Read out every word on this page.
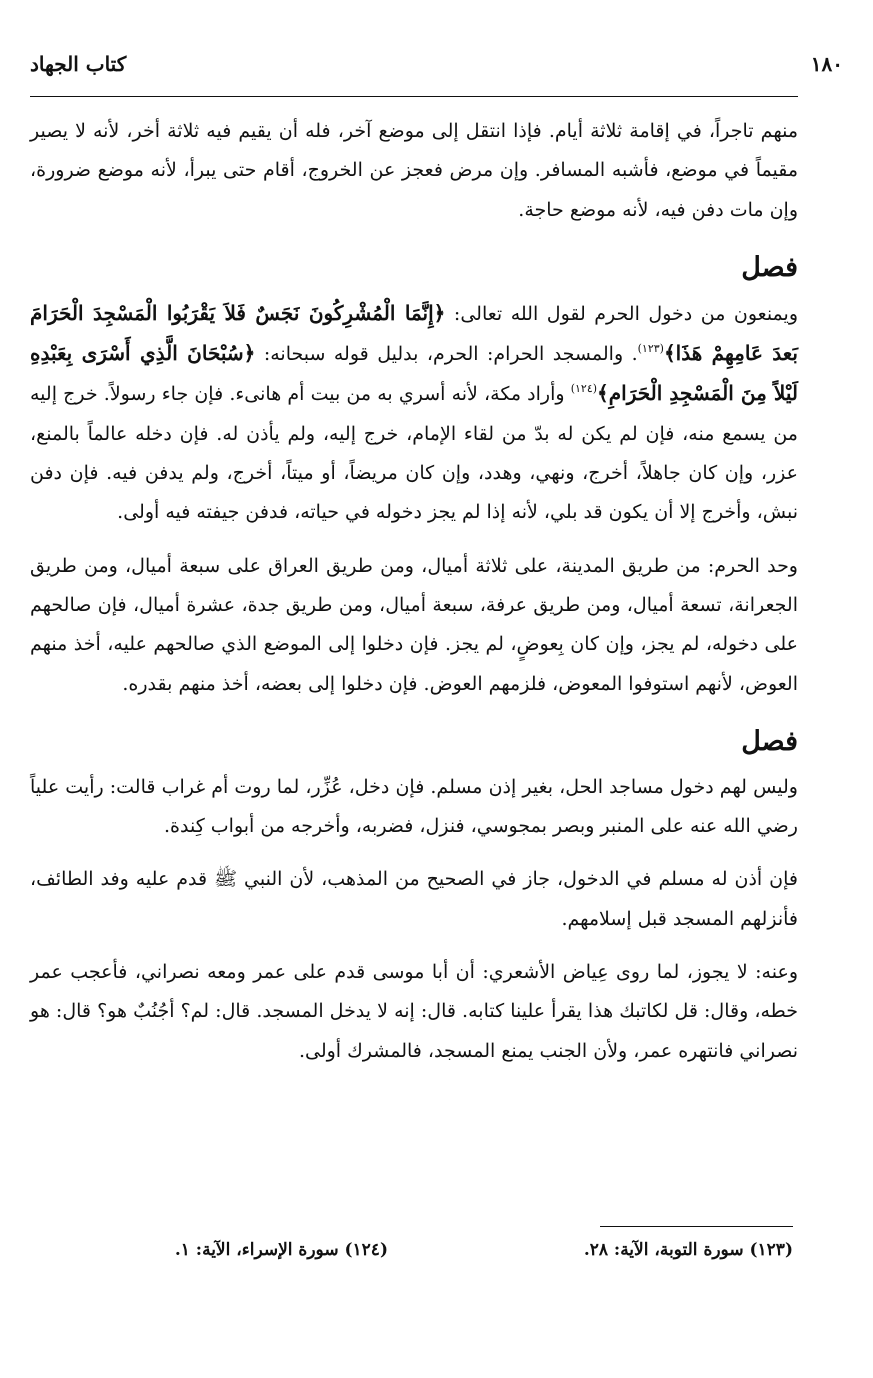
١٨٠
كتاب الجهاد

منهم تاجراً، في إقامة ثلاثة أيام. فإذا انتقل إلى موضع آخر، فله أن يقيم فيه ثلاثة أخر، لأنه لا يصير مقيماً في موضع، فأشبه المسافر. وإن مرض فعجز عن الخروج، أقام حتى يبرأ، لأنه موضع ضرورة، وإن مات دفن فيه، لأنه موضع حاجة.

فصل

ويمنعون من دخول الحرم لقول الله تعالى: ﴿إِنَّمَا الْمُشْرِكُونَ نَجَسٌ فَلاَ يَقْرَبُوا الْمَسْجِدَ الْحَرَامَ بَعدَ عَامِهِمْ هَذَا﴾$^{(١٢٣)}$. والمسجد الحرام: الحرم، بدليل قوله سبحانه: ﴿سُبْحَانَ الَّذِي أَسْرَى بِعَبْدِهِ لَيْلاً مِنَ الْمَسْجِدِ الْحَرَامِ﴾$^{(١٢٤)}$ وأراد مكة، لأنه أسري به من بيت أم هانىء. فإن جاء رسولاً. خرج إليه من يسمع منه، فإن لم يكن له بدّ من لقاء الإمام، خرج إليه، ولم يأذن له. فإن دخله عالماً بالمنع، عزر، وإن كان جاهلاً، أخرج، ونهي، وهدد، وإن كان مريضاً، أو ميتاً، أخرج، ولم يدفن فيه. فإن دفن نبش، وأخرج إلا أن يكون قد بلي، لأنه إذا لم يجز دخوله في حياته، فدفن جيفته فيه أولى.

وحد الحرم: من طريق المدينة، على ثلاثة أميال، ومن طريق العراق على سبعة أميال، ومن طريق الجعرانة، تسعة أميال، ومن طريق عرفة، سبعة أميال، ومن طريق جدة، عشرة أميال، فإن صالحهم على دخوله، لم يجز، وإن كان بِعوضٍ، لم يجز. فإن دخلوا إلى الموضع الذي صالحهم عليه، أخذ منهم العوض، لأنهم استوفوا المعوض، فلزمهم العوض. فإن دخلوا إلى بعضه، أخذ منهم بقدره.

فصل

وليس لهم دخول مساجد الحل، بغير إذن مسلم. فإن دخل، عُزِّر، لما روت أم غراب قالت: رأيت علياً رضي الله عنه على المنبر وبصر بمجوسي، فنزل، فضربه، وأخرجه من أبواب كِندة.

فإن أذن له مسلم في الدخول، جاز في الصحيح من المذهب، لأن النبي ﷺ قدم عليه وفد الطائف، فأنزلهم المسجد قبل إسلامهم.

وعنه: لا يجوز، لما روى عِياض الأشعري: أن أبا موسى قدم على عمر ومعه نصراني، فأعجب عمر خطه، وقال: قل لكاتبك هذا يقرأ علينا كتابه. قال: إنه لا يدخل المسجد. قال: لم؟ أجُنُبٌ هو؟ قال: هو نصراني فانتهره عمر، ولأن الجنب يمنع المسجد، فالمشرك أولى.

(١٢٣) سورة التوبة، الآية: ٢٨.
(١٢٤) سورة الإسراء، الآية: ١.
